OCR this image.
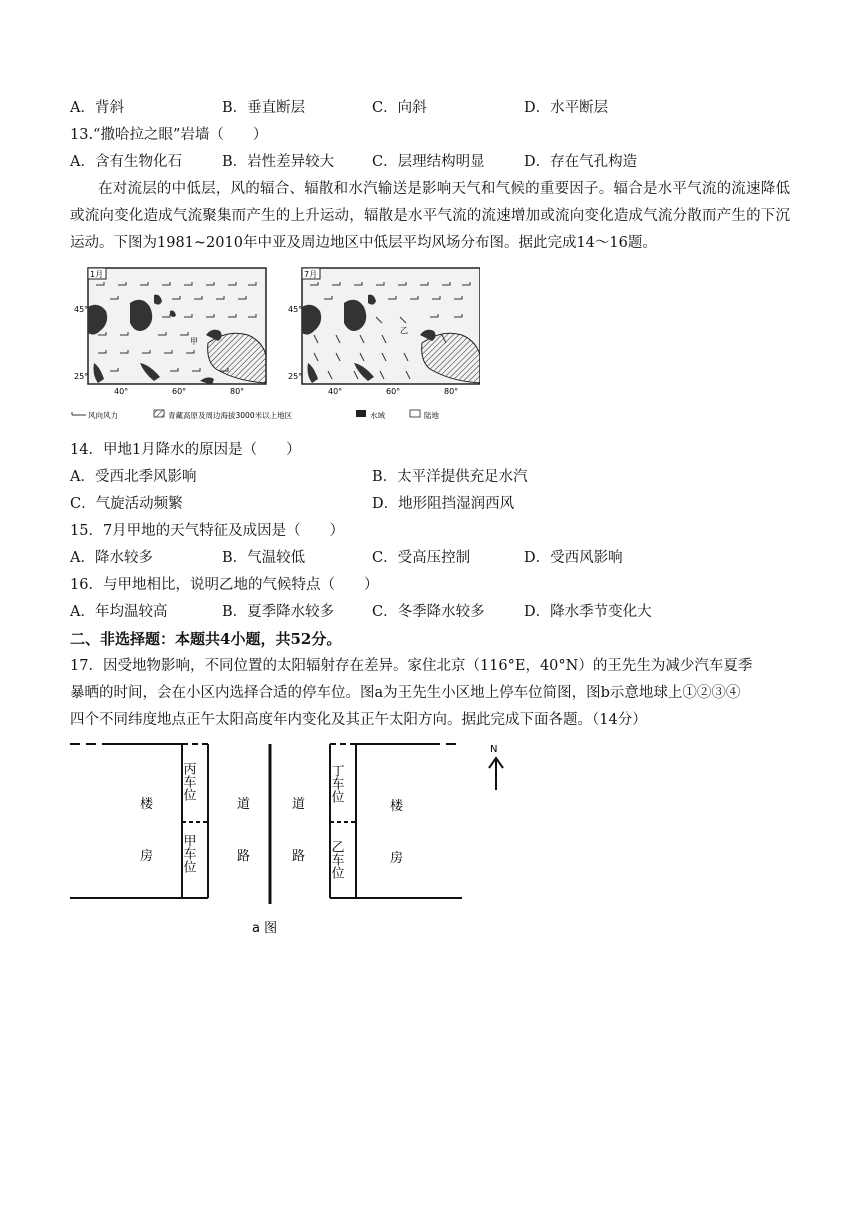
A．背斜	B．垂直断层	C．向斜	D．水平断层
13.“撒哈拉之眼”岩墙（　　）
A．含有生物化石	B．岩性差异较大	C．层理结构明显	D．存在气孔构造
在对流层的中低层，风的辐合、辐散和水汽输送是影响天气和气候的重要因子。辐合是水平气流的流速降低或流向变化造成气流聚集而产生的上升运动，辐散是水平气流的流速增加或流向变化造成气流分散而产生的下沉运动。下图为1981~2010年中亚及周边地区中低层平均风场分布图。据此完成14～16题。
1月
甲
45°
25°
40°	60°	80°
7月
乙
45°
25°
40°	60°	80°
风向风力	青藏高原及周边海拔3000米以上地区	水域	陆地
14．甲地1月降水的原因是（　　）
A．受西北季风影响	B．太平洋提供充足水汽
C．气旋活动频繁	D．地形阻挡湿润西风
15．7月甲地的天气特征及成因是（　　）
A．降水较多	B．气温较低	C．受高压控制	D．受西风影响
16．与甲地相比，说明乙地的气候特点（　　）
A．年均温较高	B．夏季降水较多	C．冬季降水较多	D．降水季节变化大
二、非选择题：本题共4小题，共52分。
17．因受地物影响，不同位置的太阳辐射存在差异。家住北京（116°E，40°N）的王先生为减少汽车夏季
暴晒的时间，会在小区内选择合适的停车位。图a为王先生小区地上停车位简图，图b示意地球上①②③④
四个不同纬度地点正午太阳高度年内变化及其正午太阳方向。据此完成下面各题。（14分）
楼
房
楼
房
道
路
道
路
丙车位
甲车位
丁车位
乙车位
N
a 图
